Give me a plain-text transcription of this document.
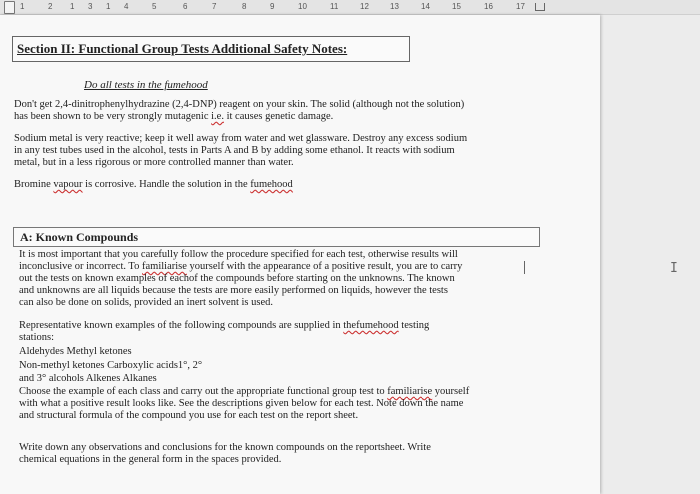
1	2 1 3 1 4	5	6	7	8	9	10	11	12	13	14	15	16	17
Section II: Functional Group Tests Additional Safety Notes:
Do all tests in the fumehood

Don't get 2,4-dinitrophenylhydrazine (2,4-DNP) reagent on your skin. The solid (although not the solution)

has been shown to be very strongly mutagenic i.e. it causes genetic damage.

Sodium metal is very reactive; keep it well away from water and wet glassware. Destroy any excess sodium

in any test tubes used in the alcohol, tests in Parts A and B by adding some ethanol. It reacts with sodium

metal, but in a less rigorous or more controlled manner than water.

Bromine vapour is corrosive. Handle the solution in the fumehood

A: Known Compounds

It is most important that you carefully follow the procedure specified for each test, otherwise results will

inconclusive or incorrect. To familiarise yourself with the appearance of a positive result, you are to carry

out the tests on known examples of eachof the compounds before starting on the unknowns. The known

and unknowns are all liquids because the tests are more easily performed on liquids, however the tests

can also be done on solids, provided an inert solvent is used.

Representative known examples of the following compounds are supplied in thefumehood testing

stations:

Aldehydes Methyl ketones

Non-methyl ketones Carboxylic acids1°, 2°

and 3° alcohols Alkenes Alkanes

Choose the example of each class and carry out the appropriate functional group test to familiarise yourself

with what a positive result looks like. See the descriptions given below for each test. Note down the name

and structural formula of the compound you use for each test on the report sheet.

Write down any observations and conclusions for the known compounds on the reportsheet. Write

chemical equations in the general form in the spaces provided.

I
